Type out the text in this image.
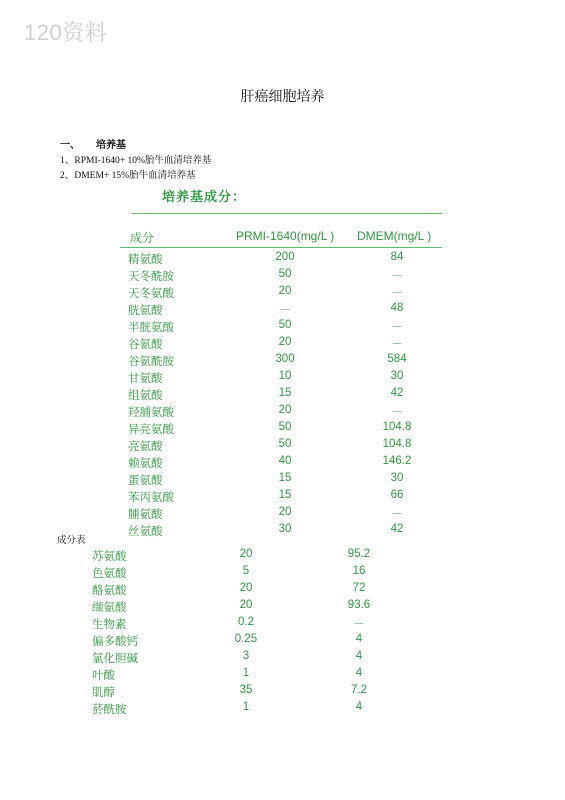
120资料
肝癌细胞培养
一、 培养基
1、 RPMI-1640+ 10%胎牛血清培养基
2、 DMEM+ 15%胎牛血清培养基
培养基成分：
成分	PRMI-1640(mg/L ) DMEM(mg/L )
精氨酸	200	84
天冬酰胺	50	－
天冬氨酸	20	－
胱氨酸	－	48
半胱氨酸	50	－
谷氨酸	20	－
谷氨酰胺	300	584
甘氨酸	10	30
组氨酸	15	42
羟脯氨酸	20	－
异亮氨酸	50	104.8
亮氨酸	50	104.8
赖氨酸	40	146.2
蛋氨酸	15	30
苯丙氨酸	15	66
脯氨酸	20	－
丝氨酸	30	42
成分表
苏氨酸	20	95.2
色氨酸	5	16
酪氨酸	20	72
缬氨酸	20	93.6
生物素	0.2	－
偏多酸钙	0.25	4
氯化胆碱	3	4
叶酸	1	4
肌醇	35	7.2
菸酰胺	1	4
